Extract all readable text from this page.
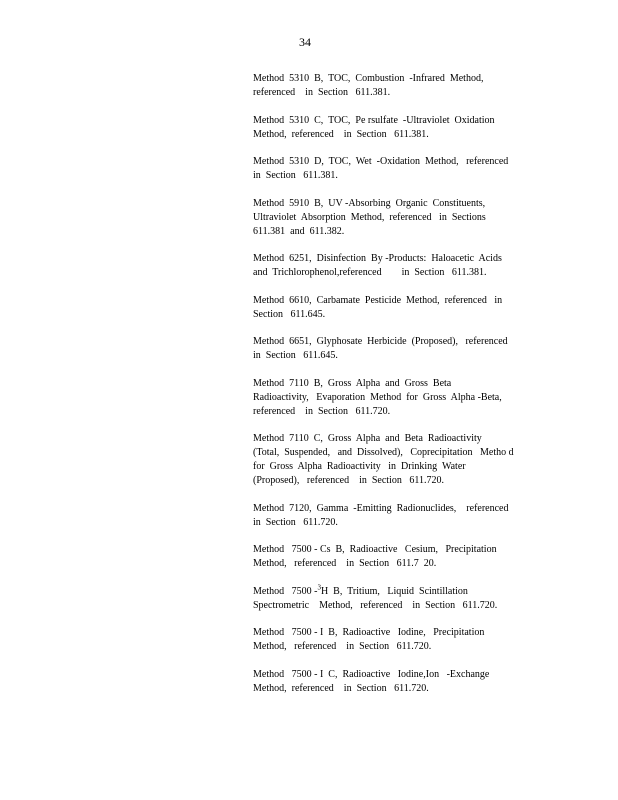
34
Method  5310  B,  TOC,  Combustion  -Infrared  Method,
referenced    in  Section   611.381.
Method  5310  C,  TOC,  Pe rsulfate  -Ultraviolet  Oxidation
Method,  referenced    in  Section   611.381.
Method  5310  D,  TOC,  Wet  -Oxidation  Method,   referenced
in  Section   611.381.
Method  5910  B,  UV -Absorbing  Organic  Constituents,
Ultraviolet  Absorption  Method,  referenced   in  Sections
611.381  and  611.382.
Method  6251,  Disinfection  By -Products:  Haloacetic  Acids
and  Trichlorophenol,referenced        in  Section   611.381.
Method  6610,  Carbamate  Pesticide  Method,  referenced   in
Section   611.645.
Method  6651,  Glyphosate  Herbicide  (Proposed),   referenced
in  Section   611.645.
Method  7110  B,  Gross  Alpha  and  Gross  Beta
Radioactivity,   Evaporation  Method  for  Gross  Alpha -Beta,
referenced    in  Section   611.720.
Method  7110  C,  Gross  Alpha  and  Beta  Radioactivity
(Total,  Suspended,   and  Dissolved),   Coprecipitation   Metho d
for  Gross  Alpha  Radioactivity   in  Drinking  Water
(Proposed),   referenced    in  Section   611.720.
Method  7120,  Gamma  -Emitting  Radionuclides,    referenced
in  Section   611.720.
Method   7500 - Cs  B,  Radioactive   Cesium,   Precipitation
Method,   referenced    in  Section   611.7  20.
Method   7500 -$^3$H  B,  Tritium,   Liquid  Scintillation
Spectrometric    Method,   referenced    in  Section   611.720.
Method   7500 - I  B,  Radioactive   Iodine,   Precipitation
Method,   referenced    in  Section   611.720.
Method   7500 - I  C,  Radioactive   Iodine,Ion   -Exchange
Method,  referenced    in  Section   611.720.
